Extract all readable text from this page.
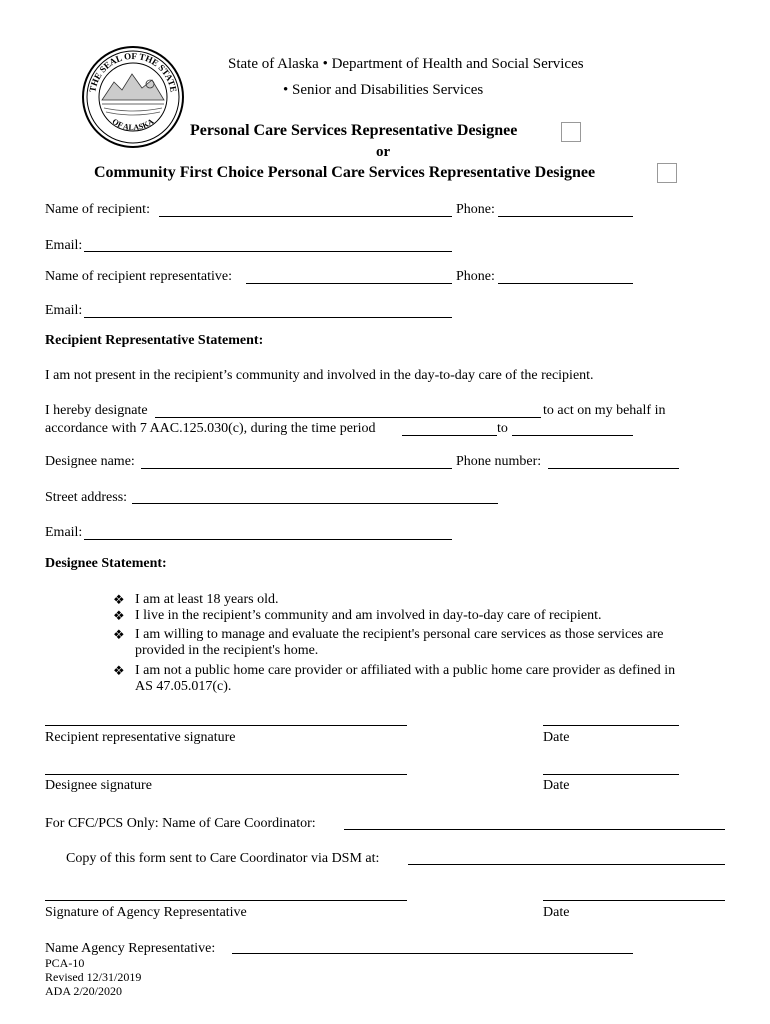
THE SEAL OF THE STATE
OF ALASKA
State of Alaska • Department of Health and Social Services
• Senior and Disabilities Services
Personal Care Services Representative Designee
or
Community First Choice Personal Care Services Representative Designee
Name of recipient:	Phone:
Email:
Name of recipient representative:	Phone:
Email:
Recipient Representative Statement:
I am not present in the recipient’s community and involved in the day-to-day care of the recipient.
I hereby designate	to act on my behalf in
accordance with 7 AAC.125.030(c), during the time period	to
Designee name:	Phone number:
Street address:
Email:
Designee Statement:
❖ I am at least 18 years old.
❖ I live in the recipient’s community and am involved in day-to-day care of recipient.
❖ I am willing to manage and evaluate the recipient's personal care services as those services are
provided in the recipient's home.
❖ I am not a public home care provider or affiliated with a public home care provider as defined in
AS 47.05.017(c).
Recipient representative signature	Date
Designee signature	Date
For CFC/PCS Only: Name of Care Coordinator:
Copy of this form sent to Care Coordinator via DSM at:
Signature of Agency Representative	Date
Name Agency Representative:
PCA-10
Revised 12/31/2019
ADA 2/20/2020
